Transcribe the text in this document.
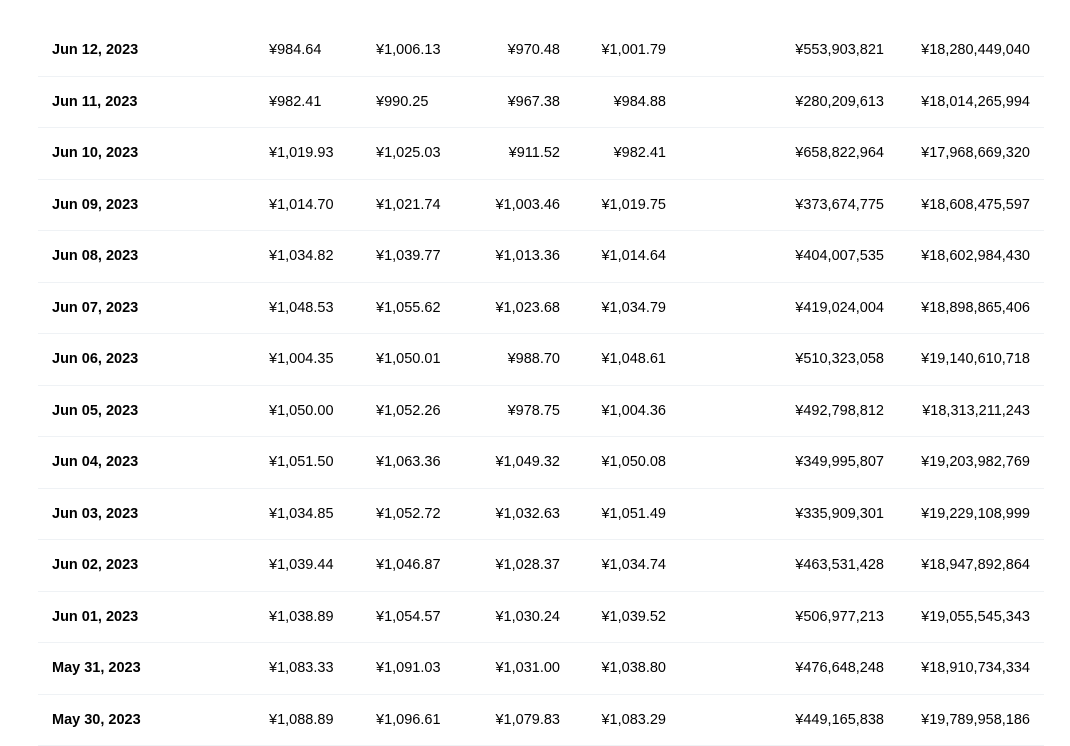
Jun 12, 2023	¥984.64	¥1,006.13	¥970.48	¥1,001.79	¥553,903,821	¥18,280,449,040
Jun 11, 2023	¥982.41	¥990.25	¥967.38	¥984.88	¥280,209,613	¥18,014,265,994
Jun 10, 2023	¥1,019.93	¥1,025.03	¥911.52	¥982.41	¥658,822,964	¥17,968,669,320
Jun 09, 2023	¥1,014.70	¥1,021.74	¥1,003.46	¥1,019.75	¥373,674,775	¥18,608,475,597
Jun 08, 2023	¥1,034.82	¥1,039.77	¥1,013.36	¥1,014.64	¥404,007,535	¥18,602,984,430
Jun 07, 2023	¥1,048.53	¥1,055.62	¥1,023.68	¥1,034.79	¥419,024,004	¥18,898,865,406
Jun 06, 2023	¥1,004.35	¥1,050.01	¥988.70	¥1,048.61	¥510,323,058	¥19,140,610,718
Jun 05, 2023	¥1,050.00	¥1,052.26	¥978.75	¥1,004.36	¥492,798,812	¥18,313,211,243
Jun 04, 2023	¥1,051.50	¥1,063.36	¥1,049.32	¥1,050.08	¥349,995,807	¥19,203,982,769
Jun 03, 2023	¥1,034.85	¥1,052.72	¥1,032.63	¥1,051.49	¥335,909,301	¥19,229,108,999
Jun 02, 2023	¥1,039.44	¥1,046.87	¥1,028.37	¥1,034.74	¥463,531,428	¥18,947,892,864
Jun 01, 2023	¥1,038.89	¥1,054.57	¥1,030.24	¥1,039.52	¥506,977,213	¥19,055,545,343
May 31, 2023	¥1,083.33	¥1,091.03	¥1,031.00	¥1,038.80	¥476,648,248	¥18,910,734,334
May 30, 2023	¥1,088.89	¥1,096.61	¥1,079.83	¥1,083.29	¥449,165,838	¥19,789,958,186
